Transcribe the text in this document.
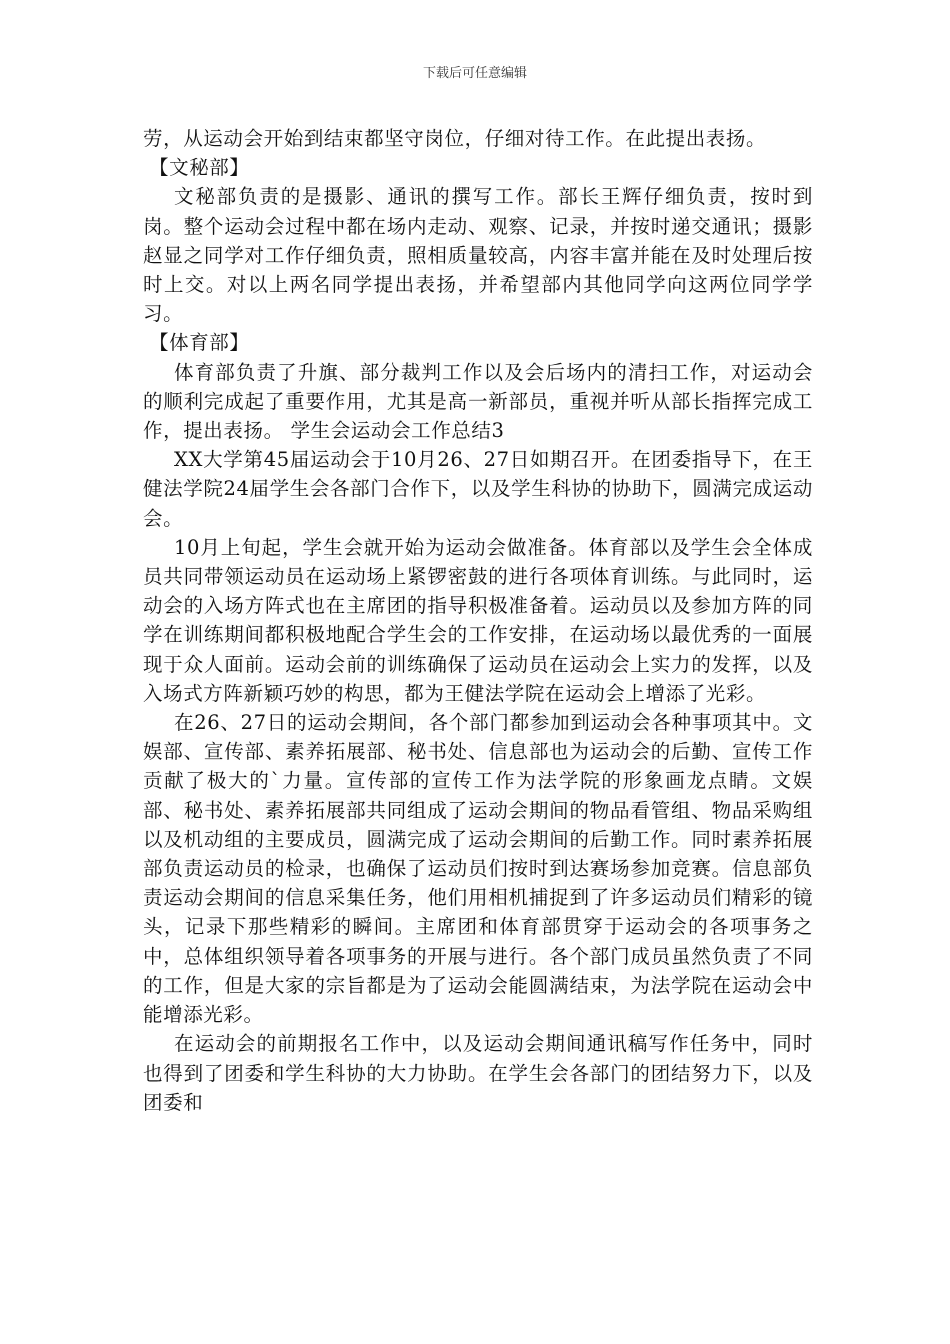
下载后可任意编辑

劳，从运动会开始到结束都坚守岗位，仔细对待工作。在此提出表扬。

【文秘部】

文秘部负责的是摄影、通讯的撰写工作。部长王辉仔细负责，按时到岗。整个运动会过程中都在场内走动、观察、记录，并按时递交通讯；摄影赵显之同学对工作仔细负责，照相质量较高，内容丰富并能在及时处理后按时上交。对以上两名同学提出表扬，并希望部内其他同学向这两位同学学习。

【体育部】

体育部负责了升旗、部分裁判工作以及会后场内的清扫工作，对运动会的顺利完成起了重要作用，尤其是高一新部员，重视并听从部长指挥完成工作，提出表扬。 学生会运动会工作总结3

XX大学第45届运动会于10月26、27日如期召开。在团委指导下，在王健法学院24届学生会各部门合作下，以及学生科协的协助下，圆满完成运动会。

10月上旬起，学生会就开始为运动会做准备。体育部以及学生会全体成员共同带领运动员在运动场上紧锣密鼓的进行各项体育训练。与此同时，运动会的入场方阵式也在主席团的指导积极准备着。运动员以及参加方阵的同学在训练期间都积极地配合学生会的工作安排，在运动场以最优秀的一面展现于众人面前。运动会前的训练确保了运动员在运动会上实力的发挥，以及入场式方阵新颖巧妙的构思，都为王健法学院在运动会上增添了光彩。

在26、27日的运动会期间，各个部门都参加到运动会各种事项其中。文娱部、宣传部、素养拓展部、秘书处、信息部也为运动会的后勤、宣传工作贡献了极大的`力量。宣传部的宣传工作为法学院的形象画龙点睛。文娱部、秘书处、素养拓展部共同组成了运动会期间的物品看管组、物品采购组以及机动组的主要成员，圆满完成了运动会期间的后勤工作。同时素养拓展部负责运动员的检录，也确保了运动员们按时到达赛场参加竞赛。信息部负责运动会期间的信息采集任务，他们用相机捕捉到了许多运动员们精彩的镜头，记录下那些精彩的瞬间。主席团和体育部贯穿于运动会的各项事务之中，总体组织领导着各项事务的开展与进行。各个部门成员虽然负责了不同的工作，但是大家的宗旨都是为了运动会能圆满结束，为法学院在运动会中能增添光彩。

在运动会的前期报名工作中，以及运动会期间通讯稿写作任务中，同时也得到了团委和学生科协的大力协助。在学生会各部门的团结努力下，以及团委和
